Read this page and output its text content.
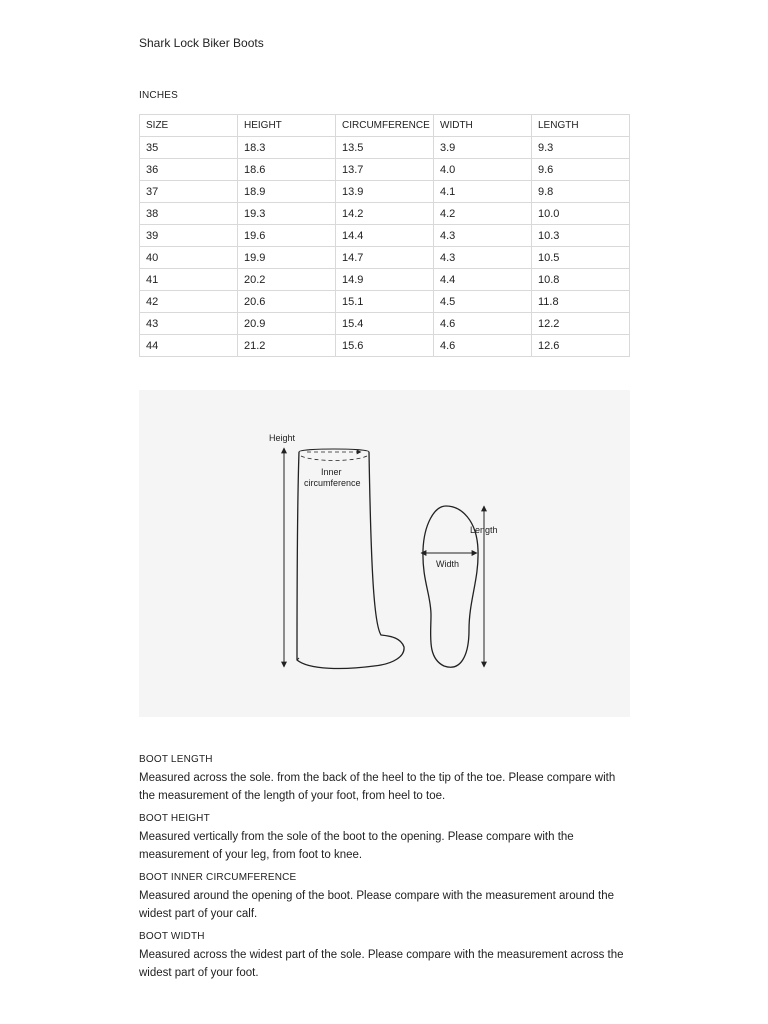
Shark Lock Biker Boots
INCHES
SIZE	HEIGHT	CIRCUMFERENCE	WIDTH	LENGTH
35	18.3	13.5	3.9	9.3
36	18.6	13.7	4.0	9.6
37	18.9	13.9	4.1	9.8
38	19.3	14.2	4.2	10.0
39	19.6	14.4	4.3	10.3
40	19.9	14.7	4.3	10.5
41	20.2	14.9	4.4	10.8
42	20.6	15.1	4.5	11.8
43	20.9	15.4	4.6	12.2
44	21.2	15.6	4.6	12.6
Height
Inner
circumference
Width
Length
BOOT LENGTH

Measured across the sole. from the back of the heel to the tip of the toe. Please compare with the measurement of the length of your foot, from heel to toe.

BOOT HEIGHT

Measured vertically from the sole of the boot to the opening. Please compare with the measurement of your leg, from foot to knee.

BOOT INNER CIRCUMFERENCE

Measured around the opening of the boot. Please compare with the measurement around the widest part of your calf.

BOOT WIDTH

Measured across the widest part of the sole. Please compare with the measurement across the widest part of your foot.
